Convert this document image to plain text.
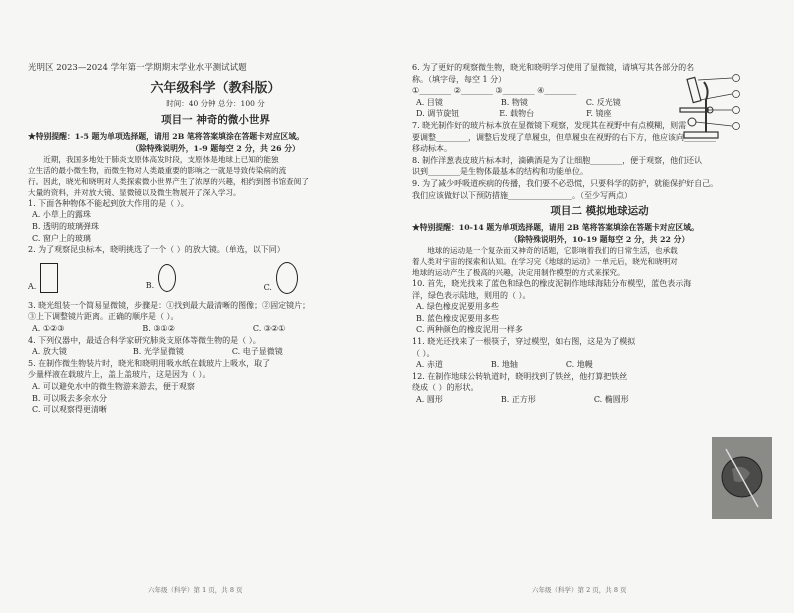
光明区 2023—2024 学年第一学期期末学业水平测试试题

六年级科学（教科版）

时间：40 分钟 总分：100 分

项目一 神奇的微小世界

★特别提醒：1-5 题为单项选择题，请用 2B 笔将答案填涂在答题卡对应区域。

（除特殊说明外，1-9 题每空 2 分，共 26 分）

近期，我国多地处于肺炎支原体高发时段，支原体是地球上已知的能独

立生活的最小微生物，而微生物对人类最重要的影响之一就是导致传染病的流

行。因此，晓光和晓明对人类探索微小世界产生了浓厚的兴趣，相约到图书馆查阅了

大量的资料，并对放大镜、显微镜以及微生物展开了深入学习。

1. 下面各种物体不能起到放大作用的是（ ）。

A. 小草上的露珠

B. 透明的玻璃弹珠

C. 窗户上的玻璃

2. 为了观察昆虫标本，晓明挑选了一个（ ）的放大镜。（单选，以下同）

A.	B.	C.

3. 晓光组装一个简易显微镜，步骤是：①找到最大最清晰的图像；②固定镜片；

③上下调整镜片距离。正确的顺序是（ ）。

A. ①②③	B. ③①②	C. ③②①

4. 下列仪器中，最适合科学家研究肺炎支原体等微生物的是（ ）。

A. 放大镜	B. 光学显微镜	C. 电子显微镜

5. 在制作微生物装片时，晓光和晓明用吸水纸在载玻片上吸水，取了

少量样液在载玻片上，盖上盖玻片，这是因为（ ）。

A. 可以避免水中的微生物游来游去，便于观察

B. 可以吸去多余水分

C. 可以观察得更清晰

六年级（科学）第 1 页，共 8 页

6. 为了更好的观察微生物，晓光和晓明学习使用了显微镜，请填写其各部分的名

称。（填字母，每空 1 分）

①________ ②________ ③________ ④________

A. 目镜	B. 物镜	C. 反光镜
D. 调节旋钮	E. 载物台	F. 镜座

7. 晓光制作好的玻片标本放在显微镜下观察，发现其在视野中有点模糊，则需

要调整________，调整后发现了草履虫，但草履虫在视野的右下方，他应该向________

移动标本。

8. 制作洋葱表皮玻片标本时，滴碘酒是为了让细胞________，便于观察，他们还认

识到________是生物体最基本的结构和功能单位。

9. 为了减少呼吸道疾病的传播，我们要不必恐慌，只要科学的防护，就能保护好自己。

我们应该做好以下预防措施________________。（至少写两点）

项目二 模拟地球运动

★特别提醒：10-14 题为单项选择题，请用 2B 笔将答案填涂在答题卡对应区域。

（除特殊说明外，10-19 题每空 2 分，共 22 分）

地球的运动是一个复杂而又神奇的话题，它影响着我们的日常生活，也承载

着人类对宇宙的探索和认知。在学习完《地球的运动》一单元后，晓光和晓明对

地球的运动产生了极高的兴趣，决定用制作模型的方式来探究。

10. 首先，晓光找来了蓝色和绿色的橡皮泥制作地球海陆分布模型，蓝色表示海

洋，绿色表示陆地，则用的（ ）。

A. 绿色橡皮泥要用多些

B. 蓝色橡皮泥要用多些

C. 两种颜色的橡皮泥用一样多

11. 晓光还找来了一根筷子，穿过模型，如右图，这是为了模拟

（ ）。

A. 赤道	B. 地轴	C. 地幔

12. 在制作地球公转轨道时，晓明找到了铁丝，他打算把铁丝

绕成（ ）的形状。

A. 圆形	B. 正方形	C. 椭圆形

六年级（科学）第 2 页，共 8 页
